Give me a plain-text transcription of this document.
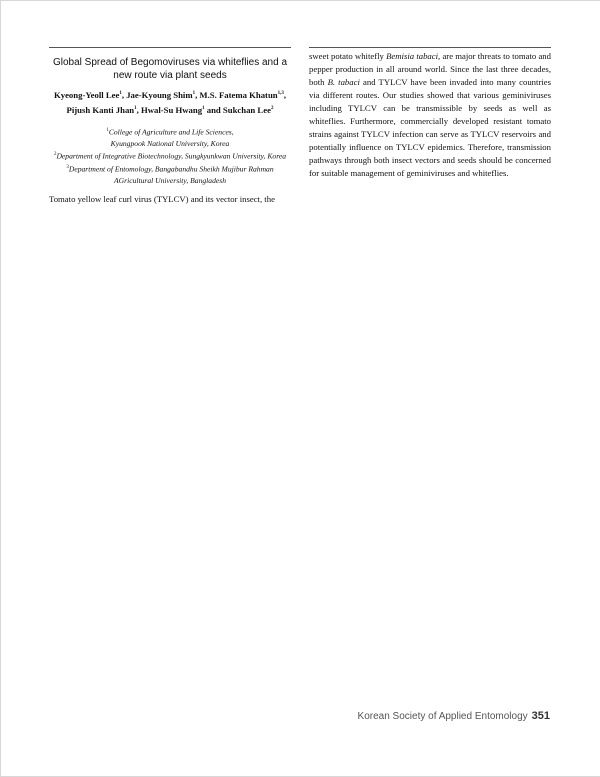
Global Spread of Begomoviruses via whiteflies and a new route via plant seeds
Kyeong-Yeoll Lee$^1$, Jae-Kyoung Shim$^1$, M.S. Fatema Khatun$^{1,3}$, Pijush Kanti Jhan$^1$, Hwal-Su Hwang$^1$ and Sukchan Lee$^2$
$^1$College of Agriculture and Life Sciences,
Kyungpook National University, Korea
$^2$Department of Integrative Biotechnology, Sungkyunkwan University, Korea
$^3$Department of Entomology, Bangabandhu Sheikh Mujibur Rahman
AGricultural University, Bangladesh
Tomato yellow leaf curl virus (TYLCV) and its vector insect, the
sweet potato whitefly Bemisia tabaci, are major threats to tomato and pepper production in all around world. Since the last three decades, both B. tabaci and TYLCV have been invaded into many countries via different routes. Our studies showed that various geminiviruses including TYLCV can be transmissible by seeds as well as whiteflies. Furthermore, commercially developed resistant tomato strains against TYLCV infection can serve as TYLCV reservoirs and potentially influence on TYLCV epidemics. Therefore, transmission pathways through both insect vectors and seeds should be concerned for suitable management of geminiviruses and whiteflies.
Korean Society of Applied Entomology 351
